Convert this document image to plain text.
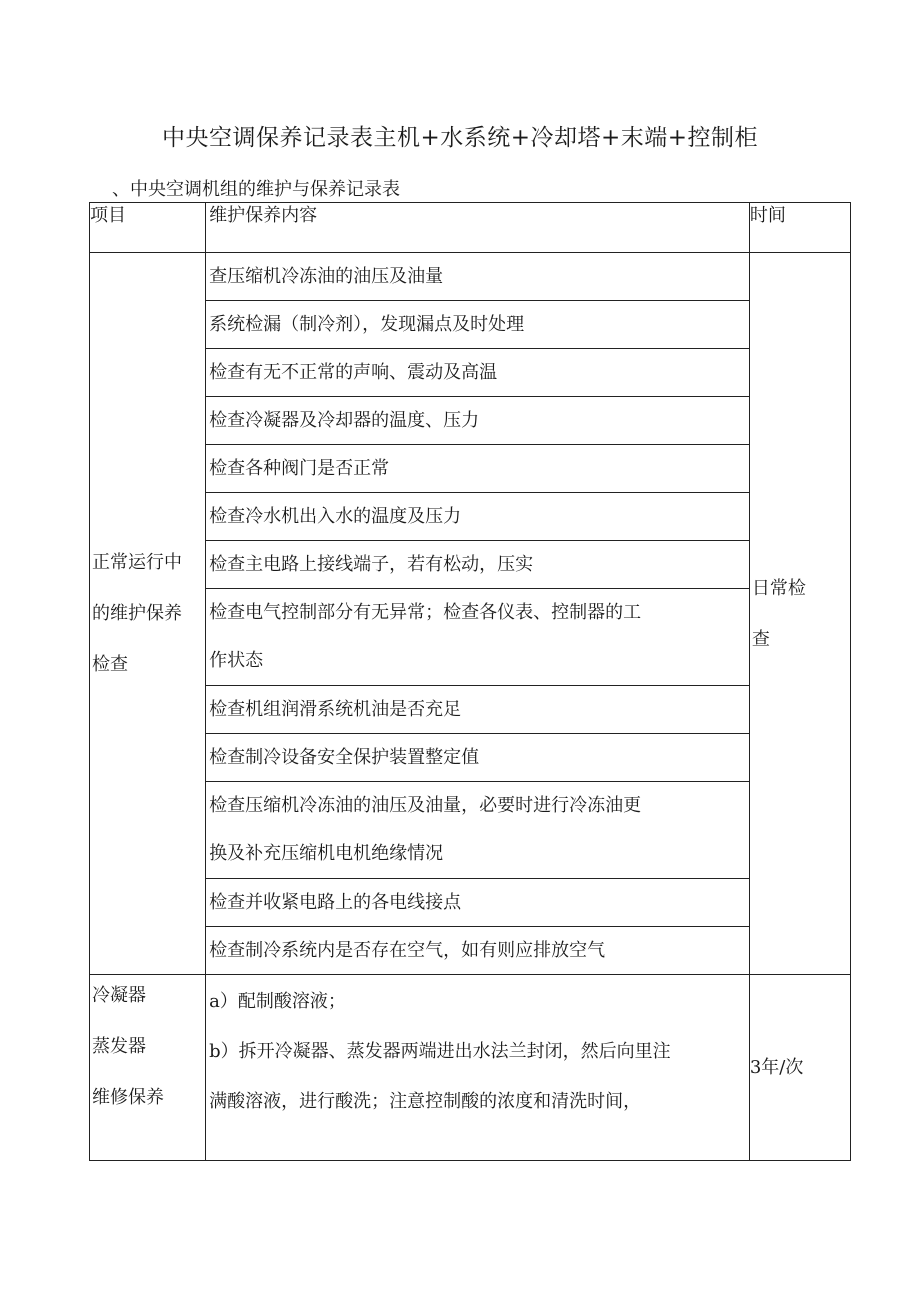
中央空调保养记录表主机+水系统+冷却塔+末端+控制柜
、中央空调机组的维护与保养记录表
项目	维护保养内容	时间

正常运行中
的维护保养
检查	查压缩机冷冻油的油压及油量	日常检
查

	系统检漏（制冷剂），发现漏点及时处理	
	检查有无不正常的声响、震动及高温	
	检查冷凝器及冷却器的温度、压力	
	检查各种阀门是否正常	
	检查冷水机出入水的温度及压力	
	检查主电路上接线端子，若有松动，压实	

	检查电气控制部分有无异常；检查各仪表、控制器的工
作状态	

	检查机组润滑系统机油是否充足	
	检查制冷设备安全保护装置整定值	

	检查压缩机冷冻油的油压及油量，必要时进行冷冻油更
换及补充压缩机电机绝缘情况	

	检查并收紧电路上的各电线接点	
	检查制冷系统内是否存在空气，如有则应排放空气	

冷凝器
蒸发器
维修保养	a）配制酸溶液；
b）拆开冷凝器、蒸发器两端进出水法兰封闭，然后向里注
满酸溶液，进行酸洗；注意控制酸的浓度和清洗时间，	3年/次
